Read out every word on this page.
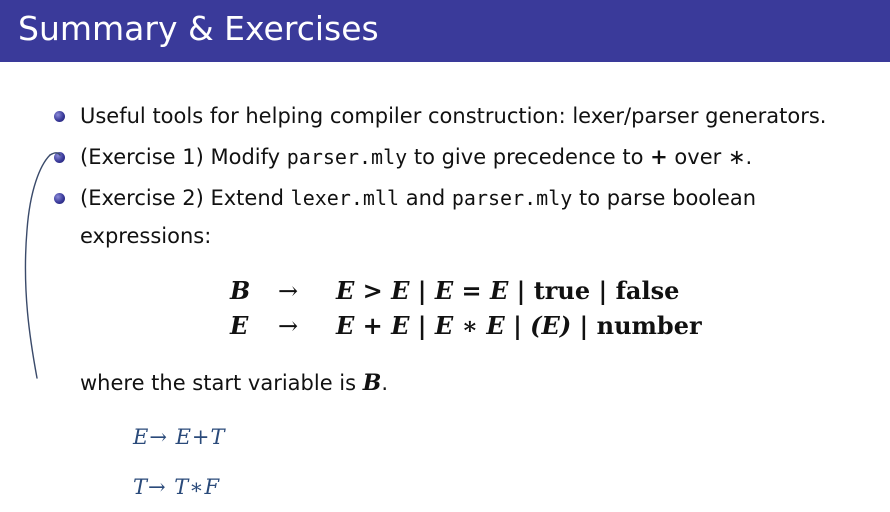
Summary & Exercises
Useful tools for helping compiler construction: lexer/parser generators.
(Exercise 1) Modify parser.mly to give precedence to + over ∗.
(Exercise 2) Extend lexer.mll and parser.mly to parse boolean
expressions:
B → E > E | E = E | true | false
E → E + E | E ∗ E | (E) | number
where the start variable is B.
E→ E+T
T→ T∗F
